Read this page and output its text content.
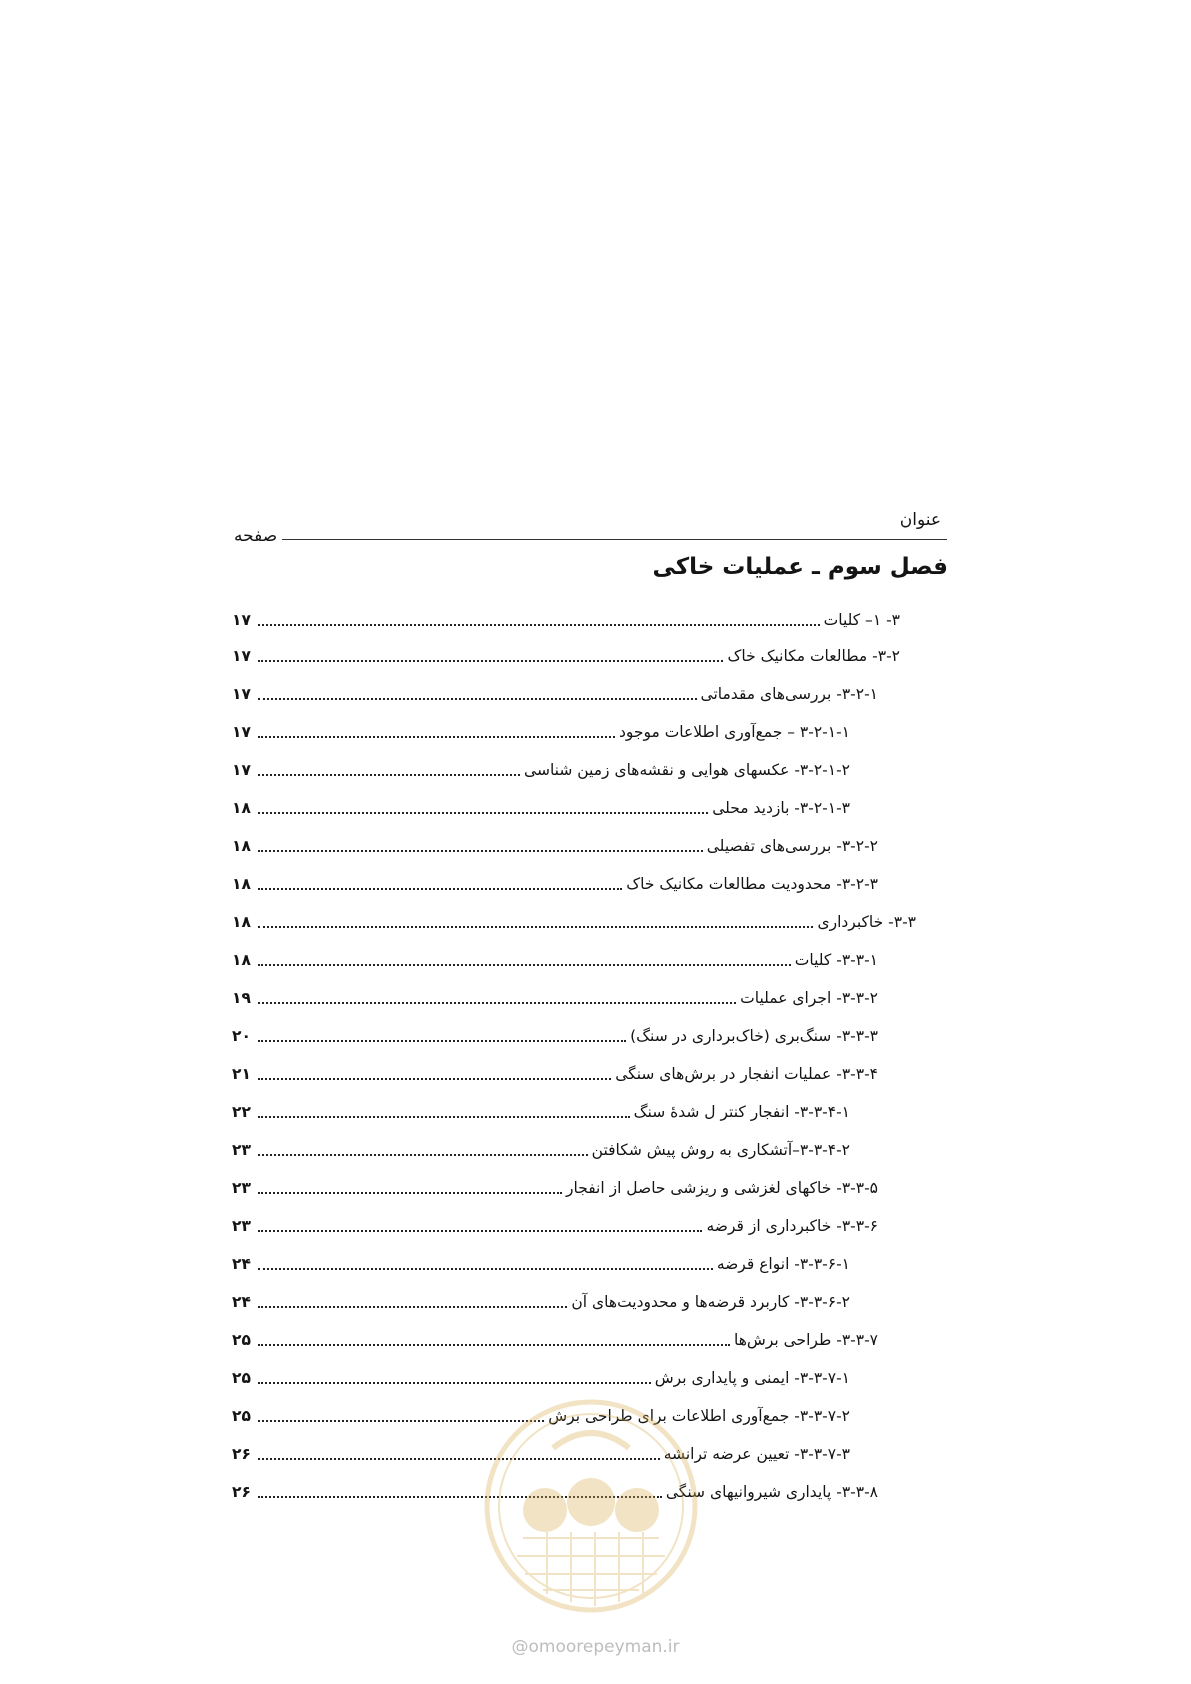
عنوان
صفحه
فصل سوم ـ عملیات خاکی
۳- ۱– کلیات
۱۷
۳-۲- مطالعات مکانیک خاک
۱۷
۳-۲-۱- بررسی‌های مقدماتی
۱۷
۳-۲-۱-۱ – جمع‌آوری اطلاعات موجود
۱۷
۳-۲-۱-۲- عکسهای هوایی و نقشه‌های زمین شناسی
۱۷
۳-۲-۱-۳- بازدید محلی
۱۸
۳-۲-۲- بررسی‌های تفصیلی
۱۸
۳-۲-۳- محدودیت مطالعات مکانیک خاک
۱۸
۳-۳- خاکبرداری
۱۸
۳-۳-۱- کلیات
۱۸
۳-۳-۲- اجرای عملیات
۱۹
۳-۳-۳- سنگ‌بری (خاک‌برداری در سنگ)
۲۰
۳-۳-۴- عملیات انفجار در برش‌های سنگی
۲۱
۳-۳-۴-۱- انفجار کنتر ل شدهٔ سنگ
۲۲
۳-۳-۴-۲–آتشکاری به روش پیش شکافتن
۲۳
۳-۳-۵- خاکهای لغزشی و ریزشی حاصل از انفجار
۲۳
۳-۳-۶- خاکبرداری از قرضه
۲۳
۳-۳-۶-۱- انواع قرضه
۲۴
۳-۳-۶-۲- کاربرد قرضه‌ها و محدودیت‌های آن
۲۴
۳-۳-۷- طراحی برش‌ها
۲۵
۳-۳-۷-۱- ایمنی و پایداری برش
۲۵
۳-۳-۷-۲- جمع‌آوری اطلاعات برای طراحی برش
۲۵
۳-۳-۷-۳- تعیین عرضه ترانشه
۲۶
۳-۳-۸- پایداری شیروانیهای سنگی
۲۶
@omoorepeyman.ir
